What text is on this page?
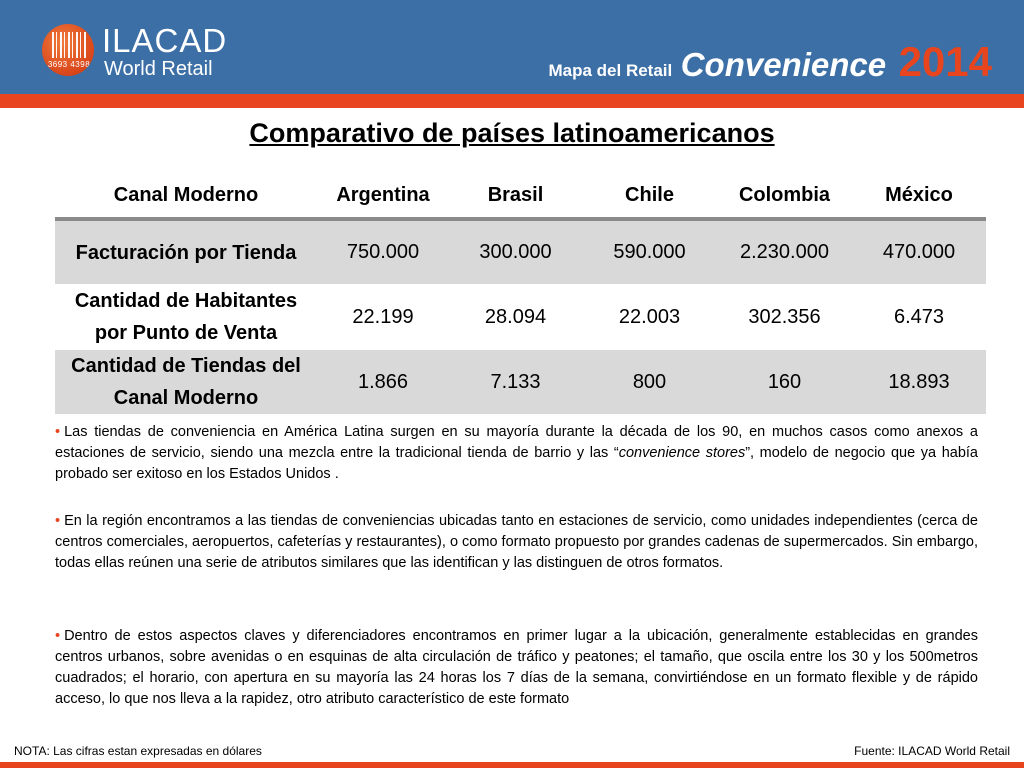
3693 4398
ILACAD
World Retail	Mapa del Retail Convenience 2014
Comparativo de países latinoamericanos
Canal Moderno	Argentina	Brasil	Chile	Colombia	México
Facturación por Tienda	750.000	300.000	590.000	2.230.000	470.000
Cantidad de Habitantes
por Punto de Venta
22.199	28.094	22.003	302.356	6.473
Cantidad de Tiendas del
Canal Moderno
1.866	7.133	800	160	18.893
• Las tiendas de conveniencia en América Latina surgen en su mayoría durante la década de los 90, en muchos casos como anexos a estaciones de servicio, siendo una mezcla entre la tradicional tienda de barrio y las “convenience stores”, modelo de negocio que ya había probado ser exitoso en los Estados Unidos .
• En la región encontramos a las tiendas de conveniencias ubicadas tanto en estaciones de servicio, como unidades independientes (cerca de centros comerciales, aeropuertos, cafeterías y restaurantes), o como formato propuesto por grandes cadenas de supermercados. Sin embargo, todas ellas reúnen una serie de atributos similares que las identifican y las distinguen de otros formatos.
• Dentro de estos aspectos claves y diferenciadores encontramos en primer lugar a la ubicación, generalmente establecidas en grandes centros urbanos, sobre avenidas o en esquinas de alta circulación de tráfico y peatones; el tamaño, que oscila entre los 30 y los 500metros cuadrados; el horario, con apertura en su mayoría las 24 horas los 7 días de la semana, convirtiéndose en un formato flexible y de rápido acceso, lo que nos lleva a la rapidez, otro atributo característico de este formato
NOTA: Las cifras estan expresadas en dólares	Fuente: ILACAD World Retail
